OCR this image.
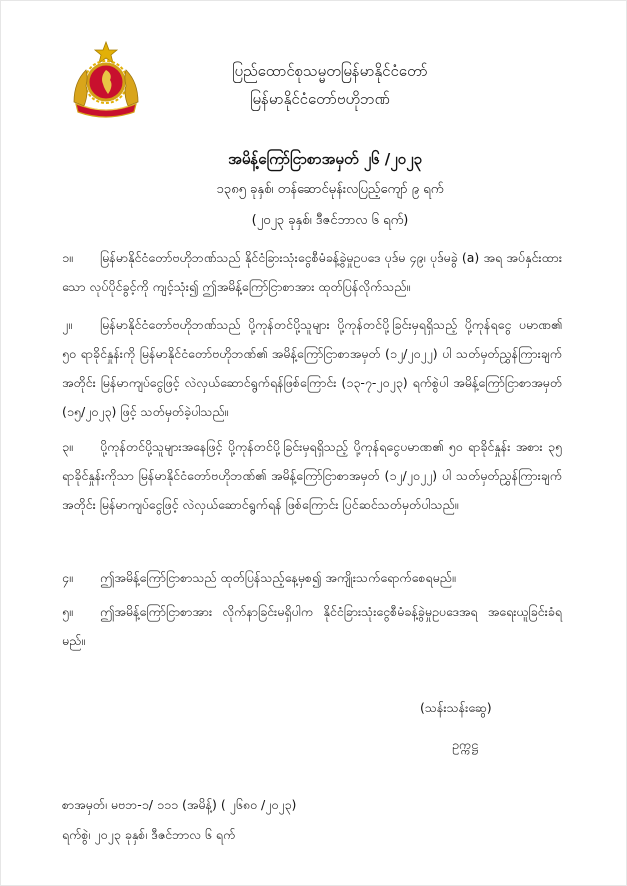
ပြည်ထောင်စုသမ္မတမြန်မာနိုင်ငံတော်
မြန်မာနိုင်ငံတော်ဗဟိုဘဏ်
အမိန့်ကြော်ငြာစာအမှတ် ၂၆ /၂၀၂၃
၁၃၈၅ ခုနှစ်၊ တန်ဆောင်မုန်းလပြည့်ကျော် ၉ ရက်
(၂၀၂၃ ခုနှစ်၊ ဒီဇင်ဘာလ ၆ ရက်)
၁။ မြန်မာနိုင်ငံတော်ဗဟိုဘဏ်သည် နိုင်ငံခြားသုံးငွေစီမံခန့်ခွဲမှုဥပဒေ ပုဒ်မ ၄၉၊ ပုဒ်မခွဲ (a) အရ အပ်နှင်းထားသော လုပ်ပိုင်ခွင့်ကို ကျင့်သုံး၍ ဤအမိန့်ကြော်ငြာစာအား ထုတ်ပြန်လိုက်သည်။
၂။ မြန်မာနိုင်ငံတော်ဗဟိုဘဏ်သည် ပို့ကုန်တင်ပို့သူများ ပို့ကုန်တင်ပို့ခြင်းမှရရှိသည့် ပို့ကုန်ရငွေ ပမာဏ၏ ၅၀ ရာခိုင်နှုန်းကို မြန်မာနိုင်ငံတော်ဗဟိုဘဏ်၏ အမိန့်ကြော်ငြာစာအမှတ် (၁၂/၂၀၂၂) ပါ သတ်မှတ်ညွှန်ကြားချက်အတိုင်း မြန်မာကျပ်ငွေဖြင့် လဲလှယ်ဆောင်ရွက်ရန်ဖြစ်ကြောင်း (၁၃-၇-၂၀၂၃) ရက်စွဲပါ အမိန့်ကြော်ငြာစာအမှတ် (၁၅/၂၀၂၃) ဖြင့် သတ်မှတ်ခဲ့ပါသည်။
၃။ ပို့ကုန်တင်ပို့သူများအနေဖြင့် ပို့ကုန်တင်ပို့ခြင်းမှရရှိသည့် ပို့ကုန်ရငွေပမာဏ၏ ၅၀ ရာခိုင်နှုန်း အစား ၃၅ ရာခိုင်နှုန်းကိုသာ မြန်မာနိုင်ငံတော်ဗဟိုဘဏ်၏ အမိန့်ကြော်ငြာစာအမှတ် (၁၂/၂၀၂၂) ပါ သတ်မှတ်ညွှန်ကြားချက်အတိုင်း မြန်မာကျပ်ငွေဖြင့် လဲလှယ်ဆောင်ရွက်ရန် ဖြစ်ကြောင်း ပြင်ဆင်သတ်မှတ်ပါသည်။
၄။ ဤအမိန့်ကြော်ငြာစာသည် ထုတ်ပြန်သည့်နေ့မှစ၍ အကျိုးသက်ရောက်စေရမည်။
၅။ ဤအမိန့်ကြော်ငြာစာအား လိုက်နာခြင်းမရှိပါက နိုင်ငံခြားသုံးငွေစီမံခန့်ခွဲမှုဥပဒေအရ အရေးယူခြင်းခံရမည်။
(သန်းသန်းဆွေ)
ဥက္ကဋ္ဌ
စာအမှတ်၊ မဗဘ-၁/ ၁၁၁ (အမိန့်) ( ၂၆၈၀ /၂၀၂၃)
ရက်စွဲ၊ ၂၀၂၃ ခုနှစ်၊ ဒီဇင်ဘာလ ၆ ရက်
